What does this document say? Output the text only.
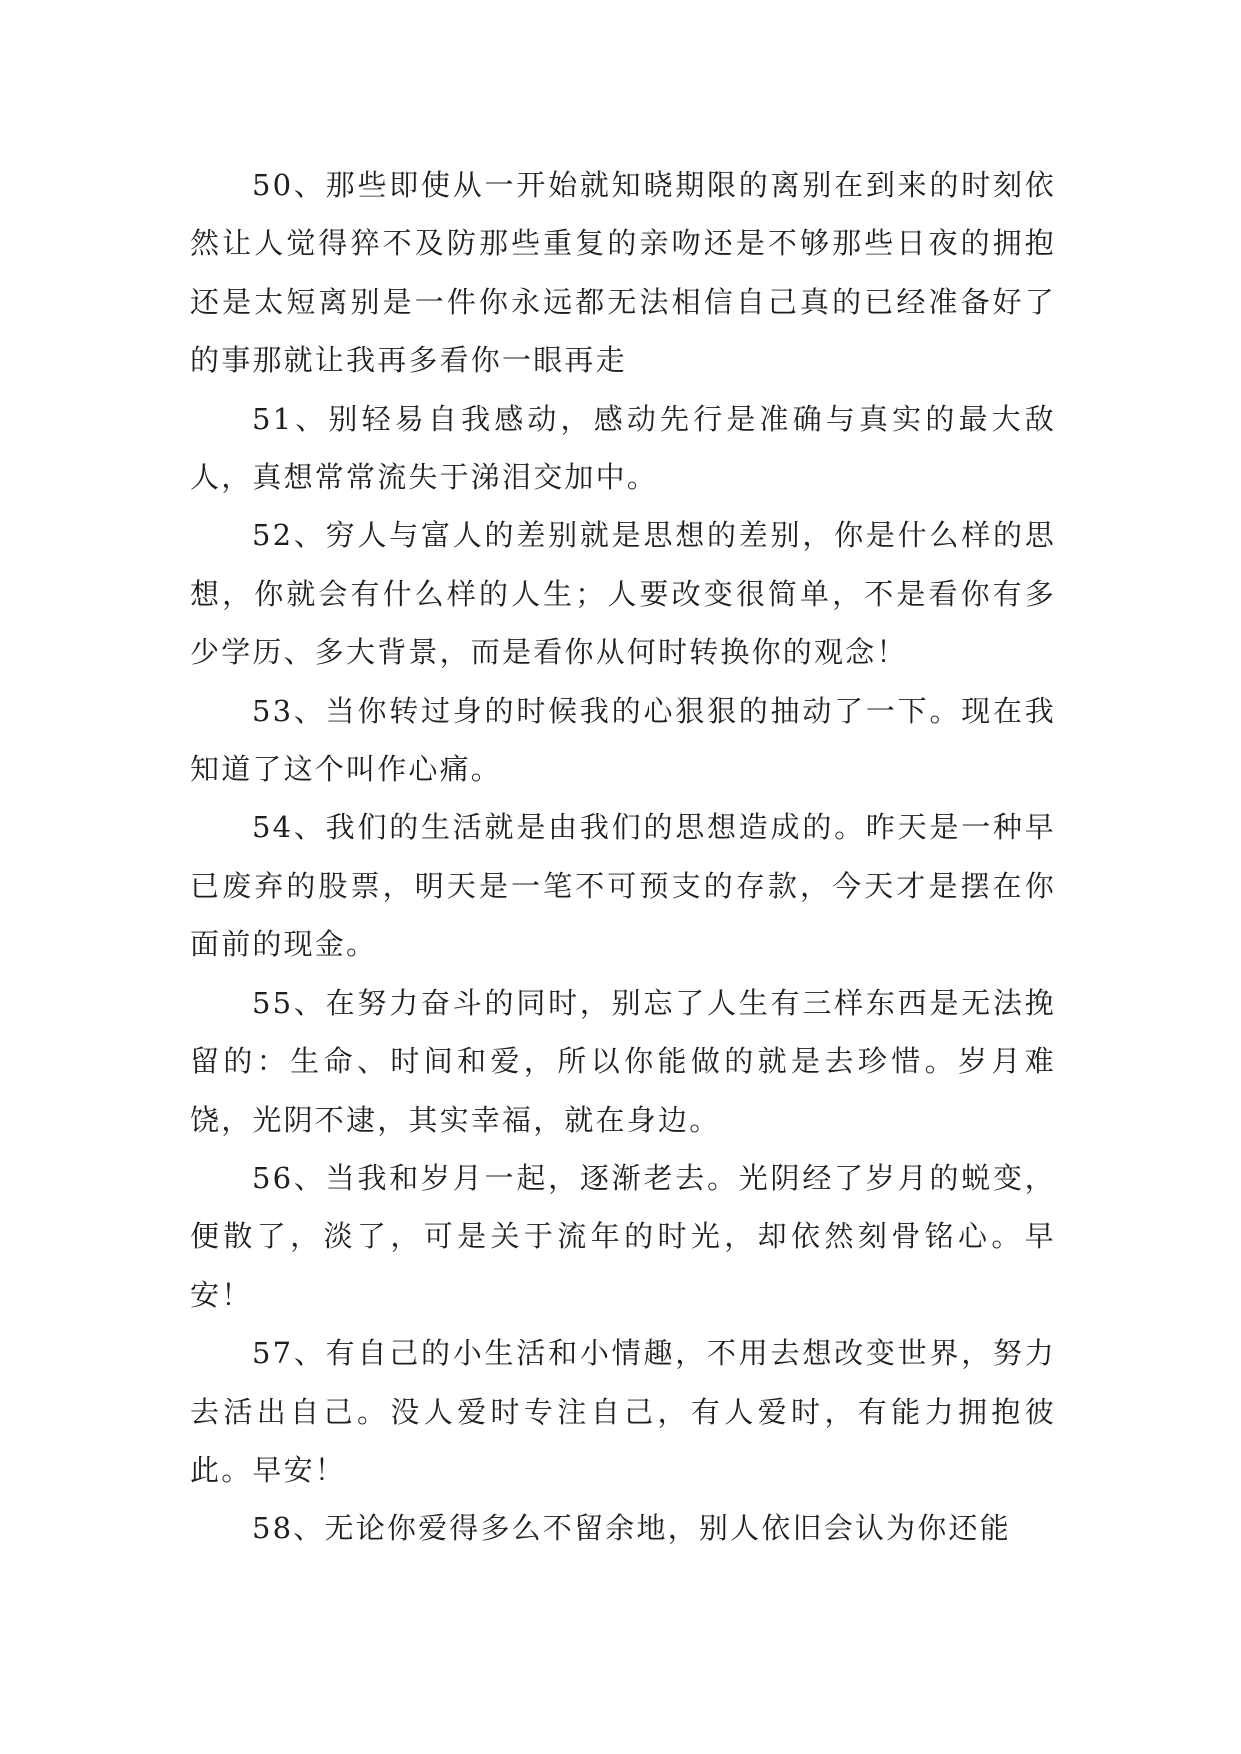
50、那些即使从一开始就知晓期限的离别在到来的时刻依然让人觉得猝不及防那些重复的亲吻还是不够那些日夜的拥抱还是太短离别是一件你永远都无法相信自己真的已经准备好了的事那就让我再多看你一眼再走

51、别轻易自我感动，感动先行是准确与真实的最大敌人，真想常常流失于涕泪交加中。

52、穷人与富人的差别就是思想的差别，你是什么样的思想，你就会有什么样的人生；人要改变很简单，不是看你有多少学历、多大背景，而是看你从何时转换你的观念！

53、当你转过身的时候我的心狠狠的抽动了一下。现在我知道了这个叫作心痛。

54、我们的生活就是由我们的思想造成的。昨天是一种早已废弃的股票，明天是一笔不可预支的存款，今天才是摆在你面前的现金。

55、在努力奋斗的同时，别忘了人生有三样东西是无法挽留的：生命、时间和爱，所以你能做的就是去珍惜。岁月难饶，光阴不逮，其实幸福，就在身边。

56、当我和岁月一起，逐渐老去。光阴经了岁月的蜕变，便散了，淡了，可是关于流年的时光，却依然刻骨铭心。早安！

57、有自己的小生活和小情趣，不用去想改变世界，努力去活出自己。没人爱时专注自己，有人爱时，有能力拥抱彼此。早安！

58、无论你爱得多么不留余地，别人依旧会认为你还能
